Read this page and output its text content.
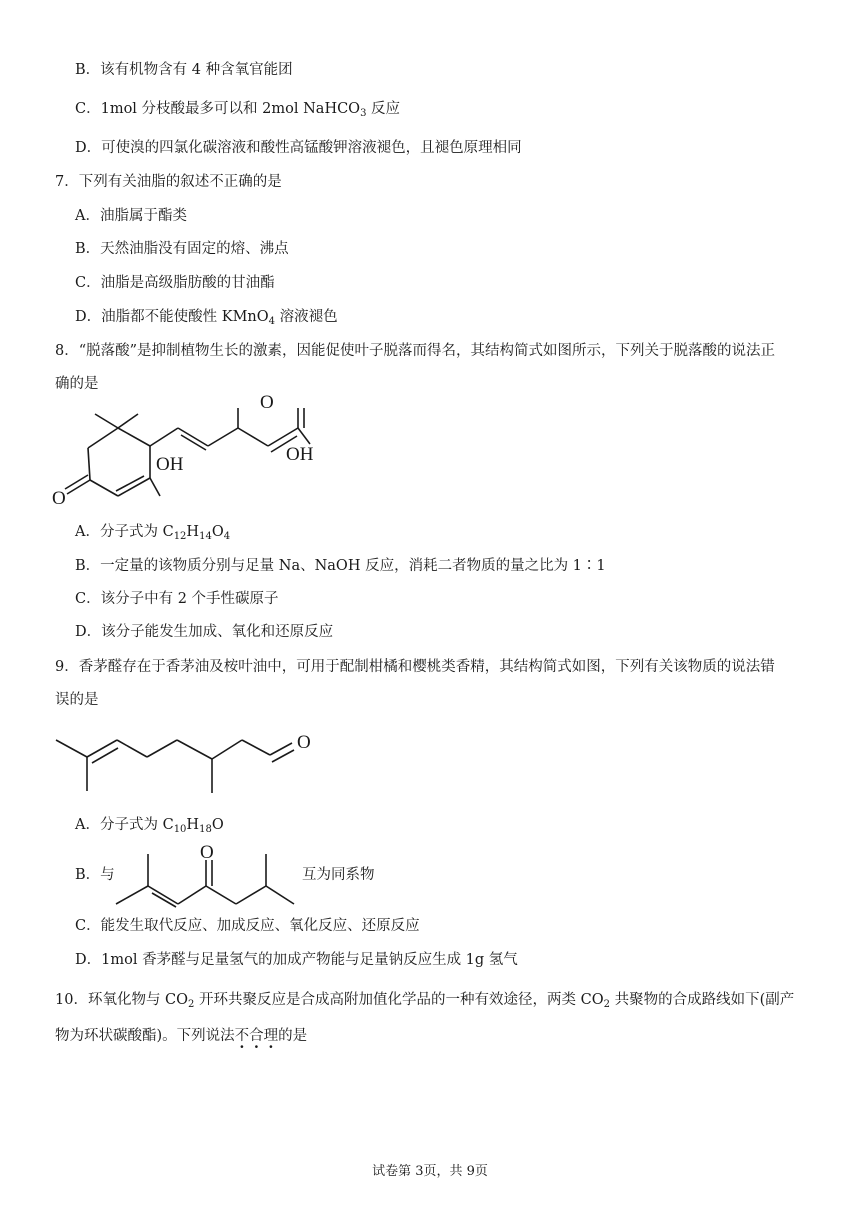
B．该有机物含有 4 种含氧官能团
C．1mol 分枝酸最多可以和 2mol NaHCO$_3$ 反应
D．可使溴的四氯化碳溶液和酸性高锰酸钾溶液褪色，且褪色原理相同
7．下列有关油脂的叙述不正确的是
A．油脂属于酯类
B．天然油脂没有固定的熔、沸点
C．油脂是高级脂肪酸的甘油酯
D．油脂都不能使酸性 KMnO$_4$ 溶液褪色
8．“脱落酸”是抑制植物生长的激素，因能促使叶子脱落而得名，其结构简式如图所示，下列关于脱落酸的说法正
确的是
O
OH
OH
O
A．分子式为 $C_{12}H_{14}O_4$
B．一定量的该物质分别与足量 Na、NaOH 反应，消耗二者物质的量之比为 1∶1
C．该分子中有 2 个手性碳原子
D．该分子能发生加成、氧化和还原反应
9．香茅醛存在于香茅油及桉叶油中，可用于配制柑橘和樱桃类香精，其结构简式如图，下列有关该物质的说法错
误的是
O
A．分子式为 $C_{10}H_{18}O$
B．与
O
互为同系物
C．能发生取代反应、加成反应、氧化反应、还原反应
D．1mol 香茅醛与足量氢气的加成产物能与足量钠反应生成 1g 氢气
10．环氧化物与 $CO_2$ 开环共聚反应是合成高附加值化学品的一种有效途径，两类 $CO_2$ 共聚物的合成路线如下(副产
物为环状碳酸酯)。下列说法不合理的是
试卷第 3页，共 9页
